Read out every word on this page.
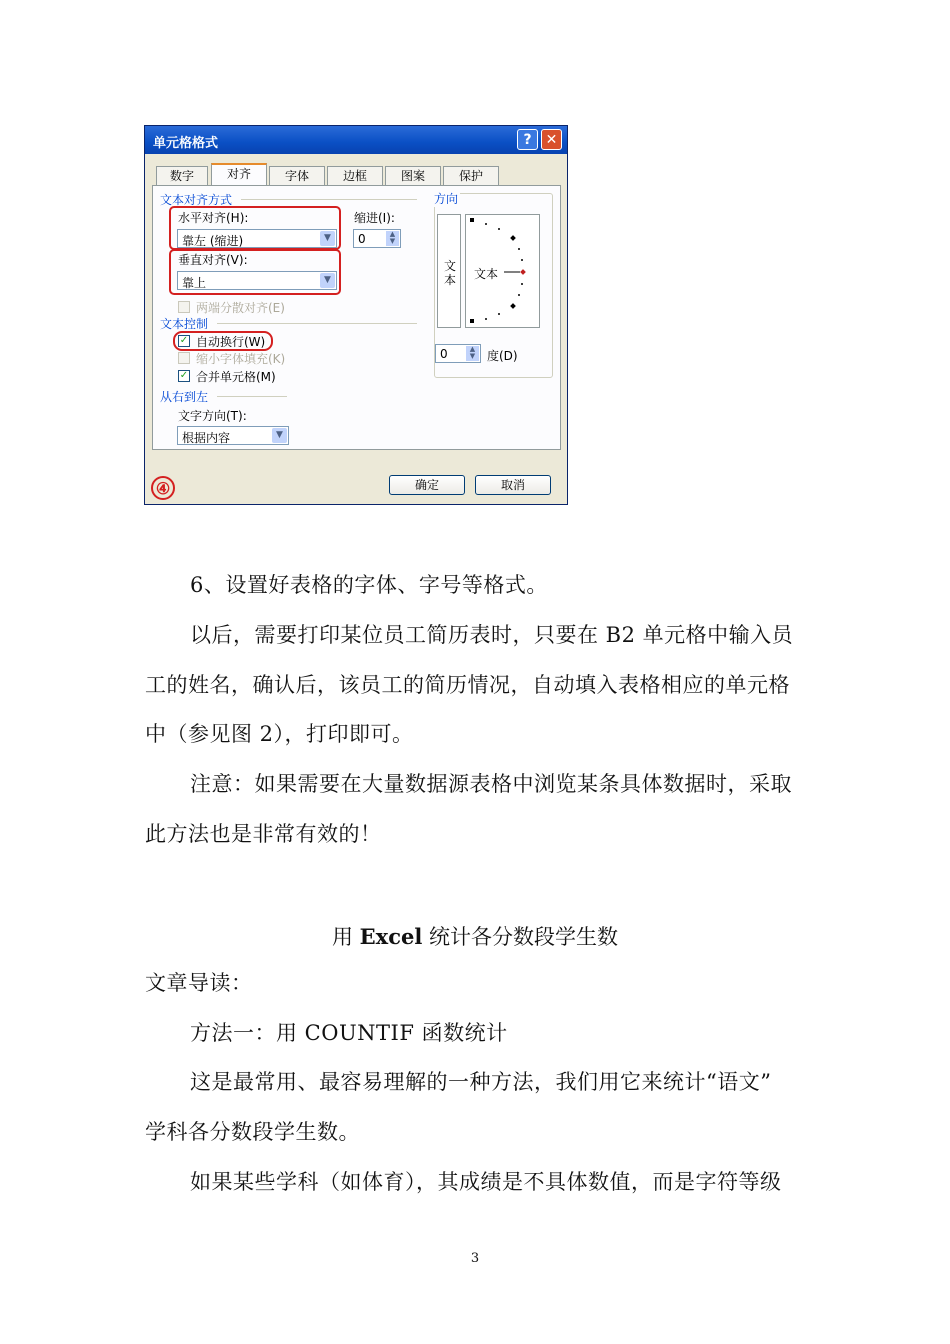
单元格格式	?	✕
数字	对齐	字体	边框	图案	保护
文本对齐方式
水平对齐(H):
靠左 (缩进)	▼
缩进(I):
0	▲
▼
垂直对齐(V):
靠上	▼
两端分散对齐(E)
文本控制
✓ 自动换行(W)
缩小字体填充(K)
✓ 合并单元格(M)
从右到左
文字方向(T):
根据内容	▼
方向
文本 文本
0	▲
▼ 度(D)
④	确定	取消
6、设置好表格的字体、字号等格式。
以后，需要打印某位员工简历表时，只要在 B2 单元格中输入员
工的姓名，确认后，该员工的简历情况，自动填入表格相应的单元格
中（参见图 2），打印即可。
注意：如果需要在大量数据源表格中浏览某条具体数据时，采取
此方法也是非常有效的！
用 Excel 统计各分数段学生数
文章导读：
方法一：用 COUNTIF 函数统计
这是最常用、最容易理解的一种方法，我们用它来统计“语文”
学科各分数段学生数。
如果某些学科（如体育），其成绩是不具体数值，而是字符等级
3
